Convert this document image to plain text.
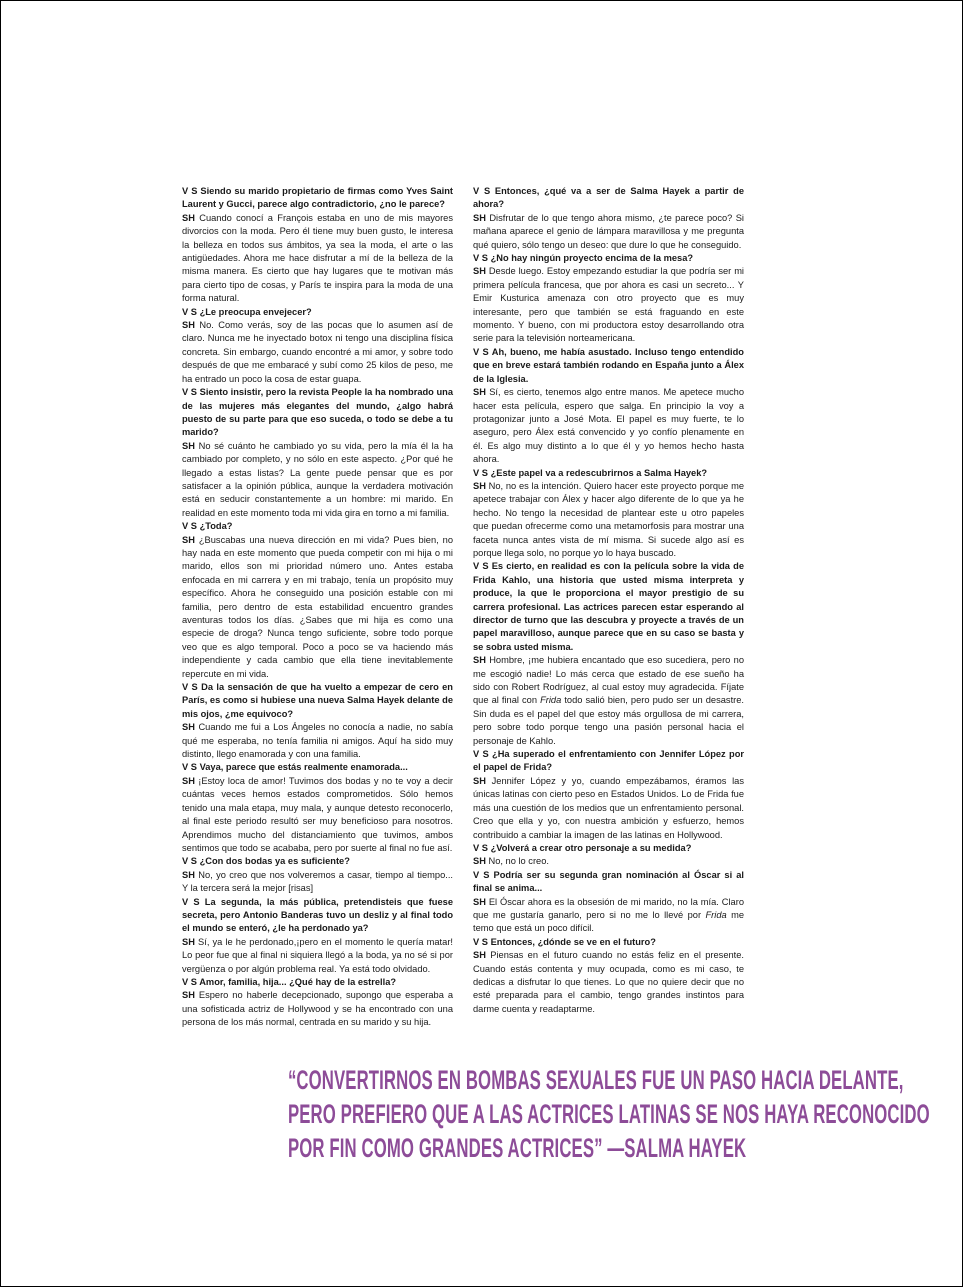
V S Siendo su marido propietario de firmas como Yves Saint Laurent y Gucci, parece algo contradictorio, ¿no le parece?

SH Cuando conocí a François estaba en uno de mis mayores divorcios con la moda. Pero él tiene muy buen gusto, le interesa la belleza en todos sus ámbitos, ya sea la moda, el arte o las antigüedades. Ahora me hace disfrutar a mí de la belleza de la misma manera. Es cierto que hay lugares que te motivan más para cierto tipo de cosas, y París te inspira para la moda de una forma natural.

V S ¿Le preocupa envejecer?

SH No. Como verás, soy de las pocas que lo asumen así de claro. Nunca me he inyectado botox ni tengo una disciplina física concreta. Sin embargo, cuando encontré a mi amor, y sobre todo después de que me embaracé y subí como 25 kilos de peso, me ha entrado un poco la cosa de estar guapa.

V S Siento insistir, pero la revista People la ha nombrado una de las mujeres más elegantes del mundo, ¿algo habrá puesto de su parte para que eso suceda, o todo se debe a tu marido?

SH No sé cuánto he cambiado yo su vida, pero la mía él la ha cambiado por completo, y no sólo en este aspecto. ¿Por qué he llegado a estas listas? La gente puede pensar que es por satisfacer a la opinión pública, aunque la verdadera motivación está en seducir constantemente a un hombre: mi marido. En realidad en este momento toda mi vida gira en torno a mi familia.

V S ¿Toda?

SH ¿Buscabas una nueva dirección en mi vida? Pues bien, no hay nada en este momento que pueda competir con mi hija o mi marido, ellos son mi prioridad número uno. Antes estaba enfocada en mi carrera y en mi trabajo, tenía un propósito muy específico. Ahora he conseguido una posición estable con mi familia, pero dentro de esta estabilidad encuentro grandes aventuras todos los días. ¿Sabes que mi hija es como una especie de droga? Nunca tengo suficiente, sobre todo porque veo que es algo temporal. Poco a poco se va haciendo más independiente y cada cambio que ella tiene inevitablemente repercute en mi vida.

V S Da la sensación de que ha vuelto a empezar de cero en París, es como si hubiese una nueva Salma Hayek delante de mis ojos, ¿me equivoco?

SH Cuando me fui a Los Ángeles no conocía a nadie, no sabía qué me esperaba, no tenía familia ni amigos. Aquí ha sido muy distinto, llego enamorada y con una familia.

V S Vaya, parece que estás realmente enamorada...

SH ¡Estoy loca de amor! Tuvimos dos bodas y no te voy a decir cuántas veces hemos estados comprometidos. Sólo hemos tenido una mala etapa, muy mala, y aunque detesto reconocerlo, al final este periodo resultó ser muy beneficioso para nosotros. Aprendimos mucho del distanciamiento que tuvimos, ambos sentimos que todo se acababa, pero por suerte al final no fue así.

V S ¿Con dos bodas ya es suficiente?

SH No, yo creo que nos volveremos a casar, tiempo al tiempo... Y la tercera será la mejor [risas]

V S La segunda, la más pública, pretendisteis que fuese secreta, pero Antonio Banderas tuvo un desliz y al final todo el mundo se enteró, ¿le ha perdonado ya?

SH Sí, ya le he perdonado,¡pero en el momento le quería matar! Lo peor fue que al final ni siquiera llegó a la boda, ya no sé si por vergüenza o por algún problema real. Ya está todo olvidado.

V S Amor, familia, hija... ¿Qué hay de la estrella?

SH Espero no haberle decepcionado, supongo que esperaba a una sofisticada actriz de Hollywood y se ha encontrado con una persona de los más normal, centrada en su marido y su hija.

V S Entonces, ¿qué va a ser de Salma Hayek a partir de ahora?

SH Disfrutar de lo que tengo ahora mismo, ¿te parece poco? Si mañana aparece el genio de lámpara maravillosa y me pregunta qué quiero, sólo tengo un deseo: que dure lo que he conseguido.

V S ¿No hay ningún proyecto encima de la mesa?

SH Desde luego. Estoy empezando estudiar la que podría ser mi primera película francesa, que por ahora es casi un secreto... Y Emir Kusturica amenaza con otro proyecto que es muy interesante, pero que también se está fraguando en este momento. Y bueno, con mi productora estoy desarrollando otra serie para la televisión norteamericana.

V S Ah, bueno, me había asustado. Incluso tengo entendido que en breve estará también rodando en España junto a Álex de la Iglesia.

SH Sí, es cierto, tenemos algo entre manos. Me apetece mucho hacer esta película, espero que salga. En principio la voy a protagonizar junto a José Mota. El papel es muy fuerte, te lo aseguro, pero Álex está convencido y yo confío plenamente en él. Es algo muy distinto a lo que él y yo hemos hecho hasta ahora.

V S ¿Este papel va a redescubrirnos a Salma Hayek?

SH No, no es la intención. Quiero hacer este proyecto porque me apetece trabajar con Álex y hacer algo diferente de lo que ya he hecho. No tengo la necesidad de plantear este u otro papeles que puedan ofrecerme como una metamorfosis para mostrar una faceta nunca antes vista de mí misma. Si sucede algo así es porque llega solo, no porque yo lo haya buscado.

V S Es cierto, en realidad es con la película sobre la vida de Frida Kahlo, una historia que usted misma interpreta y produce, la que le proporciona el mayor prestigio de su carrera profesional. Las actrices parecen estar esperando al director de turno que las descubra y proyecte a través de un papel maravilloso, aunque parece que en su caso se basta y se sobra usted misma.

SH Hombre, ¡me hubiera encantado que eso sucediera, pero no me escogió nadie! Lo más cerca que estado de ese sueño ha sido con Robert Rodríguez, al cual estoy muy agradecida. Fíjate que al final con Frida todo salió bien, pero pudo ser un desastre. Sin duda es el papel del que estoy más orgullosa de mi carrera, pero sobre todo porque tengo una pasión personal hacia el personaje de Kahlo.

V S ¿Ha superado el enfrentamiento con Jennifer López por el papel de Frida?

SH Jennifer López y yo, cuando empezábamos, éramos las únicas latinas con cierto peso en Estados Unidos. Lo de Frida fue más una cuestión de los medios que un enfrentamiento personal. Creo que ella y yo, con nuestra ambición y esfuerzo, hemos contribuido a cambiar la imagen de las latinas en Hollywood.

V S ¿Volverá a crear otro personaje a su medida?

SH No, no lo creo.

V S Podría ser su segunda gran nominación al Óscar si al final se anima...

SH El Óscar ahora es la obsesión de mi marido, no la mía. Claro que me gustaría ganarlo, pero si no me lo llevé por Frida me temo que está un poco difícil.

V S Entonces, ¿dónde se ve en el futuro?

SH Piensas en el futuro cuando no estás feliz en el presente. Cuando estás contenta y muy ocupada, como es mi caso, te dedicas a disfrutar lo que tienes. Lo que no quiere decir que no esté preparada para el cambio, tengo grandes instintos para darme cuenta y readaptarme.

“CONVERTIRNOS EN BOMBAS SEXUALES FUE UN PASO HACIA DELANTE,
PERO PREFIERO QUE A LAS ACTRICES LATINAS SE NOS HAYA RECONOCIDO
POR FIN COMO GRANDES ACTRICES” —SALMA HAYEK
